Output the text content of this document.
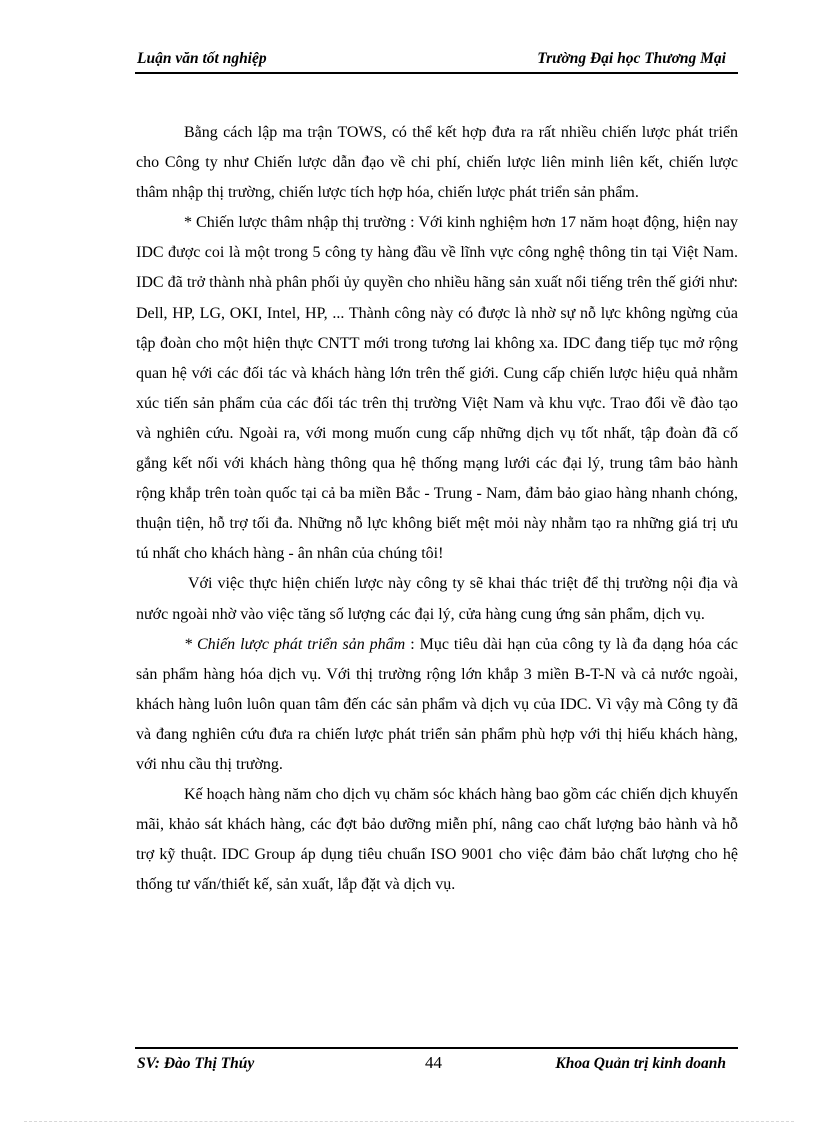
Luận văn tốt nghiệp	Trường Đại học Thương Mại

Bằng cách lập ma trận TOWS, có thể kết hợp đưa ra rất nhiều chiến lược phát triển cho Công ty như Chiến lược dẫn đạo về chi phí, chiến lược liên minh liên kết, chiến lược thâm nhập thị trường, chiến lược tích hợp hóa, chiến lược phát triển sản phẩm.

* Chiến lược thâm nhập thị trường : Với kinh nghiệm hơn 17 năm hoạt động, hiện nay IDC được coi là một trong 5 công ty hàng đầu về lĩnh vực công nghệ thông tin tại Việt Nam. IDC đã trở thành nhà phân phối ủy quyền cho nhiều hãng sản xuất nổi tiếng trên thế giới như: Dell, HP, LG, OKI, Intel, HP, ... Thành công này có được là nhờ sự nỗ lực không ngừng của tập đoàn cho một hiện thực CNTT mới trong tương lai không xa. IDC đang tiếp tục mở rộng quan hệ với các đối tác và khách hàng lớn trên thế giới. Cung cấp chiến lược hiệu quả nhằm xúc tiến sản phẩm của các đối tác trên thị trường Việt Nam và khu vực. Trao đổi về đào tạo và nghiên cứu. Ngoài ra, với mong muốn cung cấp những dịch vụ tốt nhất, tập đoàn đã cố gắng kết nối với khách hàng thông qua hệ thống mạng lưới các đại lý, trung tâm bảo hành rộng khắp trên toàn quốc tại cả ba miền Bắc - Trung - Nam, đảm bảo giao hàng nhanh chóng, thuận tiện, hỗ trợ tối đa. Những nỗ lực không biết mệt mỏi này nhằm tạo ra những giá trị ưu tú nhất cho khách hàng - ân nhân của chúng tôi!

Với việc thực hiện chiến lược này công ty sẽ khai thác triệt để thị trường nội địa và nước ngoài nhờ vào việc tăng số lượng các đại lý, cửa hàng cung ứng sản phẩm, dịch vụ.

* Chiến lược phát triển sản phẩm : Mục tiêu dài hạn của công ty là đa dạng hóa các sản phẩm hàng hóa dịch vụ. Với thị trường rộng lớn khắp 3 miền B-T-N và cả nước ngoài, khách hàng luôn luôn quan tâm đến các sản phẩm và dịch vụ của IDC. Vì vậy mà Công ty đã và đang nghiên cứu đưa ra chiến lược phát triển sản phẩm phù hợp với thị hiếu khách hàng, với nhu cầu thị trường.

Kế hoạch hàng năm cho dịch vụ chăm sóc khách hàng bao gồm các chiến dịch khuyến mãi, khảo sát khách hàng, các đợt bảo dưỡng miễn phí, nâng cao chất lượng bảo hành và hỗ trợ kỹ thuật. IDC Group áp dụng tiêu chuẩn ISO 9001 cho việc đảm bảo chất lượng cho hệ thống tư vấn/thiết kế, sản xuất, lắp đặt và dịch vụ.

SV: Đào Thị Thúy	44	Khoa Quản trị kinh doanh
